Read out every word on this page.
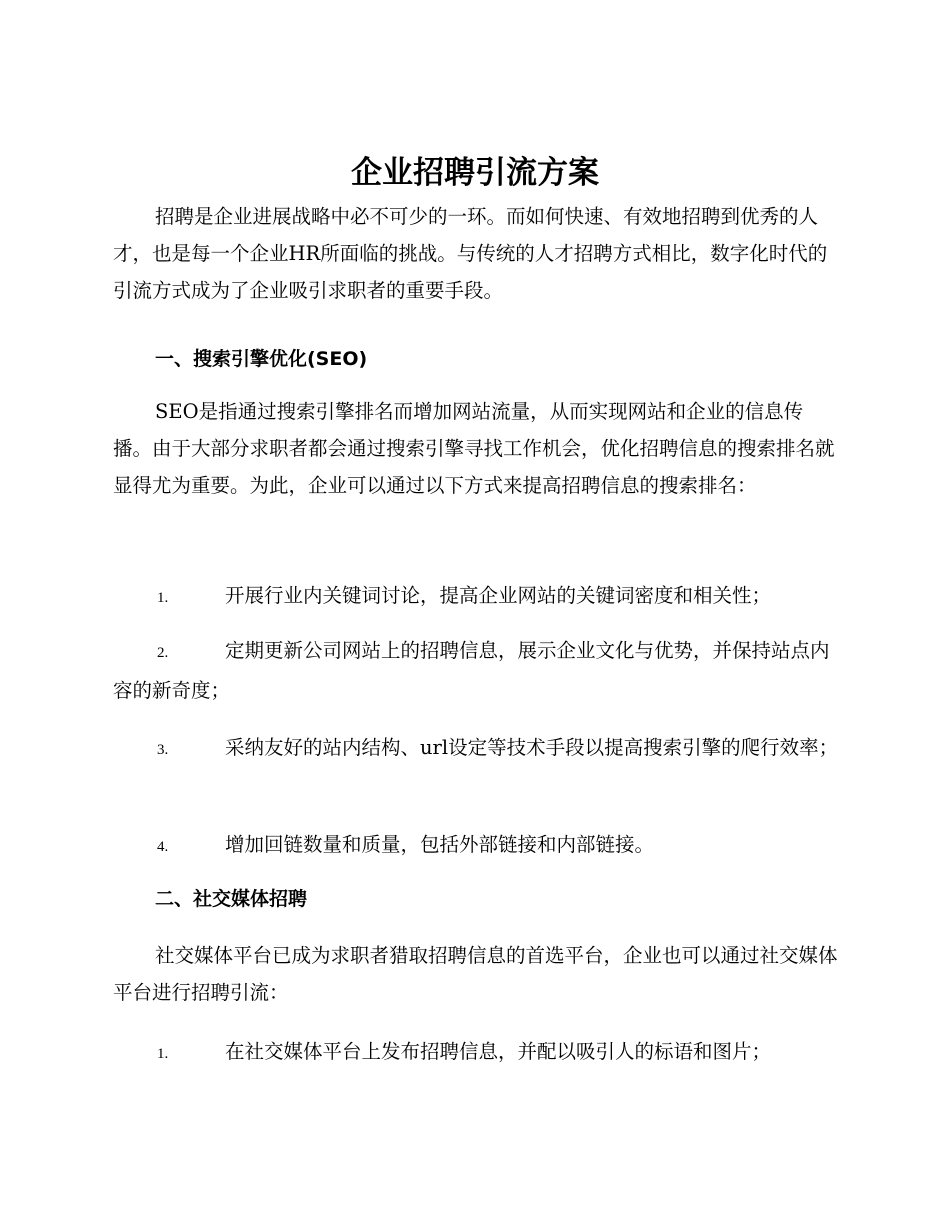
企业招聘引流方案

招聘是企业进展战略中必不可少的一环。而如何快速、有效地招聘到优秀的人才，也是每一个企业HR所面临的挑战。与传统的人才招聘方式相比，数字化时代的引流方式成为了企业吸引求职者的重要手段。

一、搜索引擎优化(SEO)

SEO是指通过搜索引擎排名而增加网站流量，从而实现网站和企业的信息传播。由于大部分求职者都会通过搜索引擎寻找工作机会，优化招聘信息的搜索排名就显得尤为重要。为此，企业可以通过以下方式来提高招聘信息的搜索排名：

1.	开展行业内关键词讨论，提高企业网站的关键词密度和相关性；

2.	定期更新公司网站上的招聘信息，展示企业文化与优势，并保持站点内容的新奇度；

3.	采纳友好的站内结构、url设定等技术手段以提高搜索引擎的爬行效率；

4.	增加回链数量和质量，包括外部链接和内部链接。

二、社交媒体招聘

社交媒体平台已成为求职者猎取招聘信息的首选平台，企业也可以通过社交媒体平台进行招聘引流：

1.	在社交媒体平台上发布招聘信息，并配以吸引人的标语和图片；
